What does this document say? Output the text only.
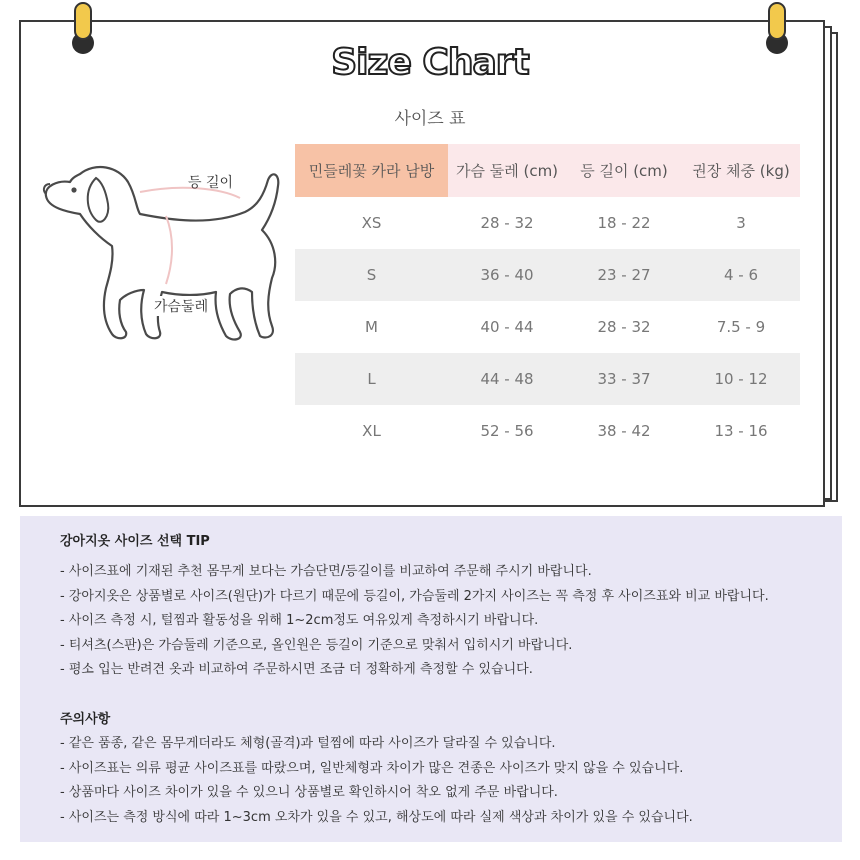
Size Chart
사이즈 표
등 길이
가슴둘레
민들레꽃 카라 남방	가슴 둘레 (cm)	등 길이 (cm)	권장 체중 (kg)
XS	28 - 32	18 - 22	3
S	36 - 40	23 - 27	4 - 6
M	40 - 44	28 - 32	7.5 - 9
L	44 - 48	33 - 37	10 - 12
XL	52 - 56	38 - 42	13 - 16
강아지옷 사이즈 선택 TIP
- 사이즈표에 기재된 추천 몸무게 보다는 가슴단면/등길이를 비교하여 주문해 주시기 바랍니다.
- 강아지옷은 상품별로 사이즈(원단)가 다르기 때문에 등길이, 가슴둘레 2가지 사이즈는 꼭 측정 후 사이즈표와 비교 바랍니다.
- 사이즈 측정 시, 털찜과 활동성을 위해 1~2cm정도 여유있게 측정하시기 바랍니다.
- 티셔츠(스판)은 가슴둘레 기준으로, 올인원은 등길이 기준으로 맞춰서 입히시기 바랍니다.
- 평소 입는 반려견 옷과 비교하여 주문하시면 조금 더 정확하게 측정할 수 있습니다.
주의사항
- 같은 품종, 같은 몸무게더라도 체형(골격)과 털찜에 따라 사이즈가 달라질 수 있습니다.
- 사이즈표는 의류 평균 사이즈표를 따랐으며, 일반체형과 차이가 많은 견종은 사이즈가 맞지 않을 수 있습니다.
- 상품마다 사이즈 차이가 있을 수 있으니 상품별로 확인하시어 착오 없게 주문 바랍니다.
- 사이즈는 측정 방식에 따라 1~3cm 오차가 있을 수 있고, 해상도에 따라 실제 색상과 차이가 있을 수 있습니다.
